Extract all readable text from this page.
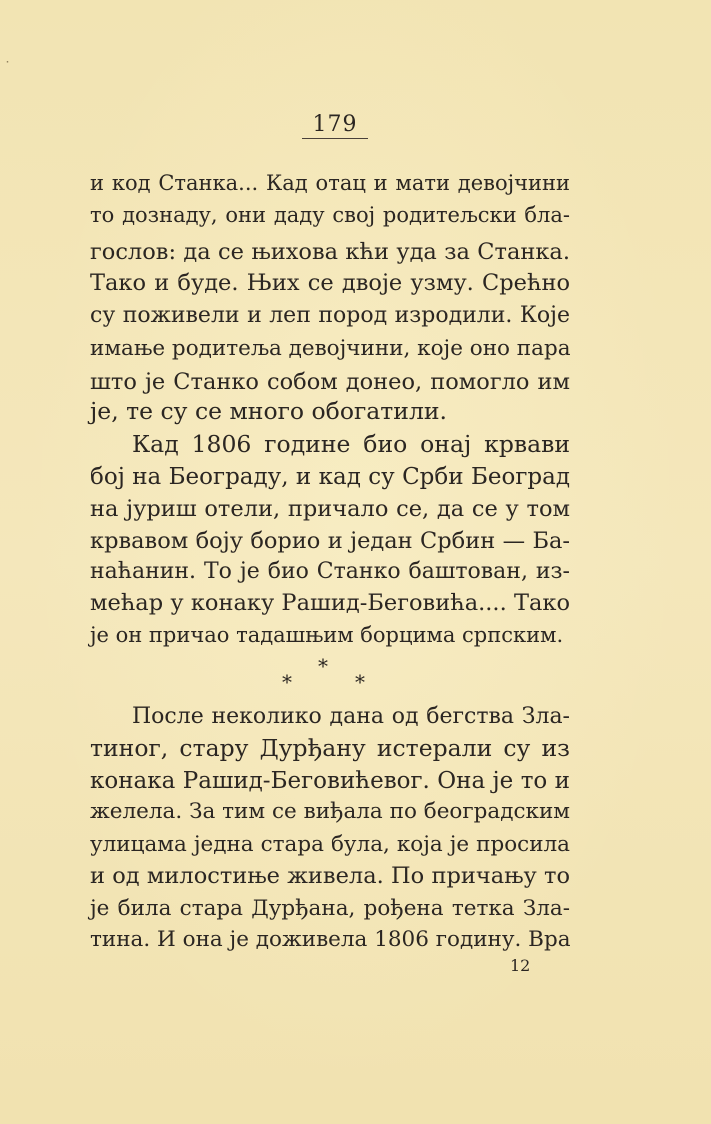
˙
179
и код Станка... Кад отац и мати девојчини
то дознаду, они даду свој родитељски бла-
гослов: да се њихова кћи уда за Станка.
Тако и буде. Њих се двоје узму. Срећно
су поживели и леп пород изродили. Које
имање родитеља девојчини, које оно пара
што је Станко собом донео, помогло им
је, те су се много обогатили.
Кад 1806 године био онај крвави
бој на Београду, и кад су Срби Београд
на јуриш отели, причало се, да се у том
крвавом боју борио и један Србин — Ба-
наћанин. То је био Станко баштован, из-
мећар у конаку Рашид-Беговића.... Тако
је он причао тадашњим борцима српским.
*
*	*
После неколико дана од бегства Зла-
тиног, стару Дурђану истерали су из
конака Рашид-Беговићевог. Она је то и
желела. За тим се виђала по београдским
улицама једна стара була, која је просила
и од милостиње живела. По причању то
је била стара Дурђана, рођена тетка Зла-
тина. И она је доживела 1806 годину. Вра
12
